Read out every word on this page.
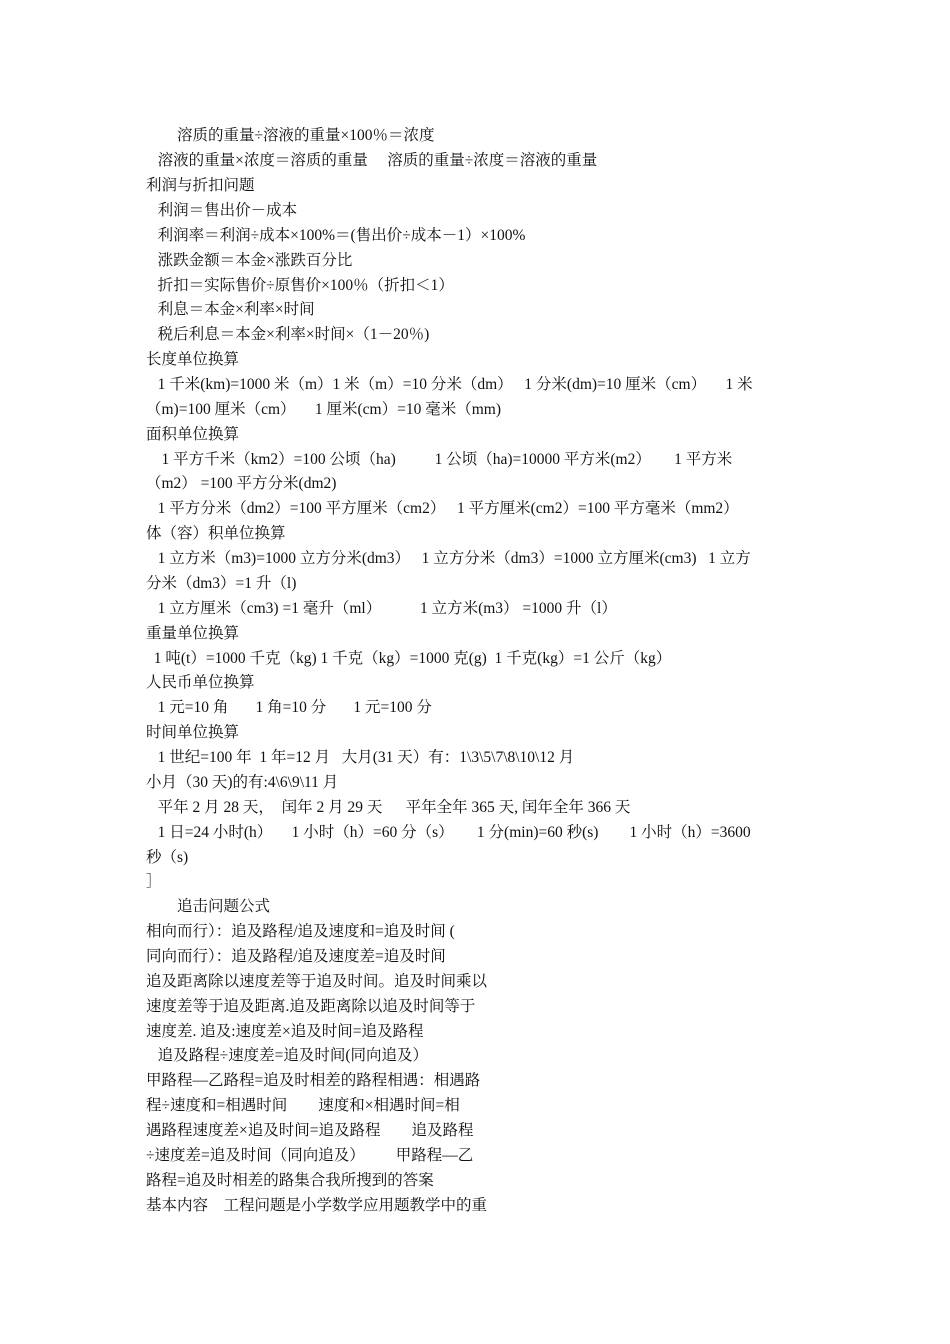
溶质的重量÷溶液的重量×100％＝浓度

溶液的重量×浓度＝溶质的重量     溶质的重量÷浓度＝溶液的重量

利润与折扣问题

利润＝售出价－成本

利润率＝利润÷成本×100%＝(售出价÷成本－1）×100%

涨跌金额＝本金×涨跌百分比

折扣＝实际售价÷原售价×100％（折扣＜1）

利息＝本金×利率×时间

税后利息＝本金×利率×时间×（1－20％)

长度单位换算

1 千米(km)=1000 米（m）1 米（m）=10 分米（dm）   1 分米(dm)=10 厘米（cm）     1 米

（m)=100 厘米（cm）     1 厘米(cm）=10 毫米（mm)

面积单位换算

1 平方千米（km2）=100 公顷（ha)          1 公顷（ha)=10000 平方米(m2）      1 平方米

（m2） =100 平方分米(dm2)

1 平方分米（dm2）=100 平方厘米（cm2）   1 平方厘米(cm2）=100 平方毫米（mm2）

体（容）积单位换算

1 立方米（m3)=1000 立方分米(dm3）   1 立方分米（dm3）=1000 立方厘米(cm3)   1 立方

分米（dm3）=1 升（l)

1 立方厘米（cm3) =1 毫升（ml）          1 立方米(m3） =1000 升（l）

重量单位换算

1 吨(t）=1000 千克（kg) 1 千克（kg）=1000 克(g)  1 千克(kg）=1 公斤（kg）

人民币单位换算

1 元=10 角       1 角=10 分       1 元=100 分

时间单位换算

1 世纪=100 年  1 年=12 月   大月(31 天）有：1\3\5\7\8\10\12 月

小月（30 天)的有:4\6\9\11 月

平年 2 月 28 天，  闰年 2 月 29 天      平年全年 365 天, 闰年全年 366 天

1 日=24 小时(h）     1 小时（h）=60 分（s）      1 分(min)=60 秒(s)        1 小时（h）=3600

秒（s)

］

追击问题公式

相向而行）：追及路程/追及速度和=追及时间 (

同向而行）：追及路程/追及速度差=追及时间

追及距离除以速度差等于追及时间。追及时间乘以

速度差等于追及距离.追及距离除以追及时间等于

速度差. 追及:速度差×追及时间=追及路程

追及路程÷速度差=追及时间(同向追及）

甲路程—乙路程=追及时相差的路程相遇：相遇路

程÷速度和=相遇时间        速度和×相遇时间=相

遇路程速度差×追及时间=追及路程        追及路程

÷速度差=追及时间（同向追及）        甲路程—乙

路程=追及时相差的路集合我所搜到的答案

基本内容    工程问题是小学数学应用题教学中的重
